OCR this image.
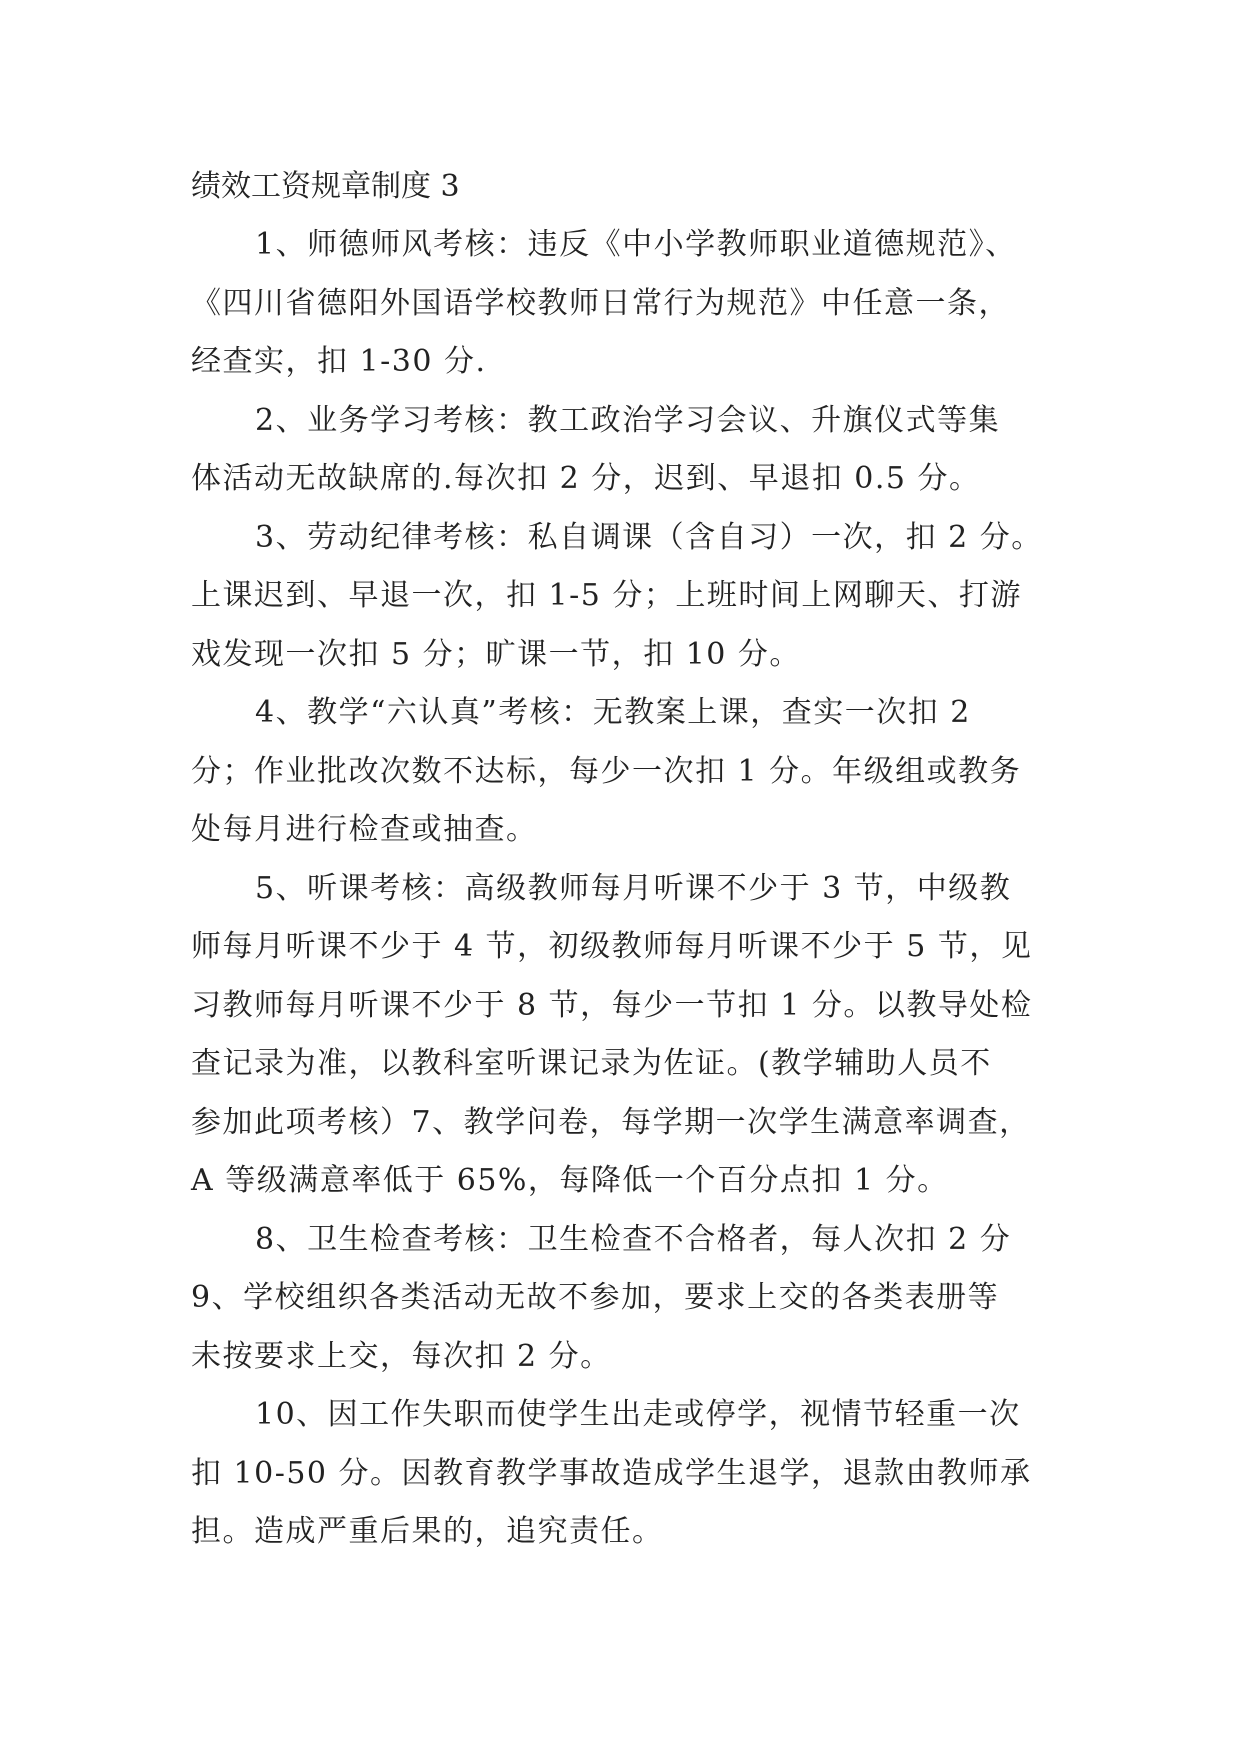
绩效工资规章制度 3

1、师德师风考核：违反《中小学教师职业道德规范》、
《四川省德阳外国语学校教师日常行为规范》中任意一条，
经查实，扣 1-30 分.

2、业务学习考核：教工政治学习会议、升旗仪式等集
体活动无故缺席的.每次扣 2 分，迟到、早退扣 0.5 分。

3、劳动纪律考核：私自调课（含自习）一次，扣 2 分。
上课迟到、早退一次，扣 1-5 分；上班时间上网聊天、打游
戏发现一次扣 5 分；旷课一节，扣 10 分。

4、教学“六认真”考核：无教案上课，查实一次扣 2
分；作业批改次数不达标，每少一次扣 1 分。年级组或教务
处每月进行检查或抽查。

5、听课考核：高级教师每月听课不少于 3 节，中级教
师每月听课不少于 4 节，初级教师每月听课不少于 5 节，见
习教师每月听课不少于 8 节，每少一节扣 1 分。以教导处检
查记录为准，以教科室听课记录为佐证。(教学辅助人员不
参加此项考核）7、教学问卷，每学期一次学生满意率调查，
A 等级满意率低于 65%，每降低一个百分点扣 1 分。

8、卫生检查考核：卫生检查不合格者，每人次扣 2 分
9、学校组织各类活动无故不参加，要求上交的各类表册等
未按要求上交，每次扣 2 分。

10、因工作失职而使学生出走或停学，视情节轻重一次
扣 10-50 分。因教育教学事故造成学生退学，退款由教师承
担。造成严重后果的，追究责任。
